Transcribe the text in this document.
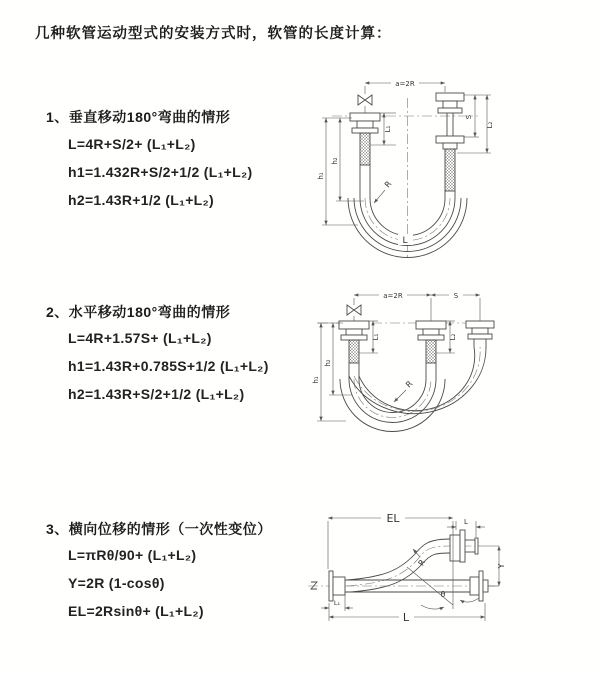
几种软管运动型式的安装方式时，软管的长度计算：
1、垂直移动180°弯曲的情形
L=4R+S/2+ (L₁+L₂)
h1=1.432R+S/2+1/2 (L₁+L₂)
h2=1.43R+1/2 (L₁+L₂)
2、水平移动180°弯曲的情形
L=4R+1.57S+ (L₁+L₂)
h1=1.43R+0.785S+1/2 (L₁+L₂)
h2=1.43R+S/2+1/2 (L₁+L₂)
3、横向位移的情形（一次性变位）
L=πRθ/90+ (L₁+L₂)
Y=2R (1-cosθ)
EL=2Rsinθ+ (L₁+L₂)
a=2R
h₁
h₂
L₁
S
L₂
R
L
a=2R	S
h₁
h₂
L₁	L₂
R
EL	L
Y
R
θ
L₁
L
